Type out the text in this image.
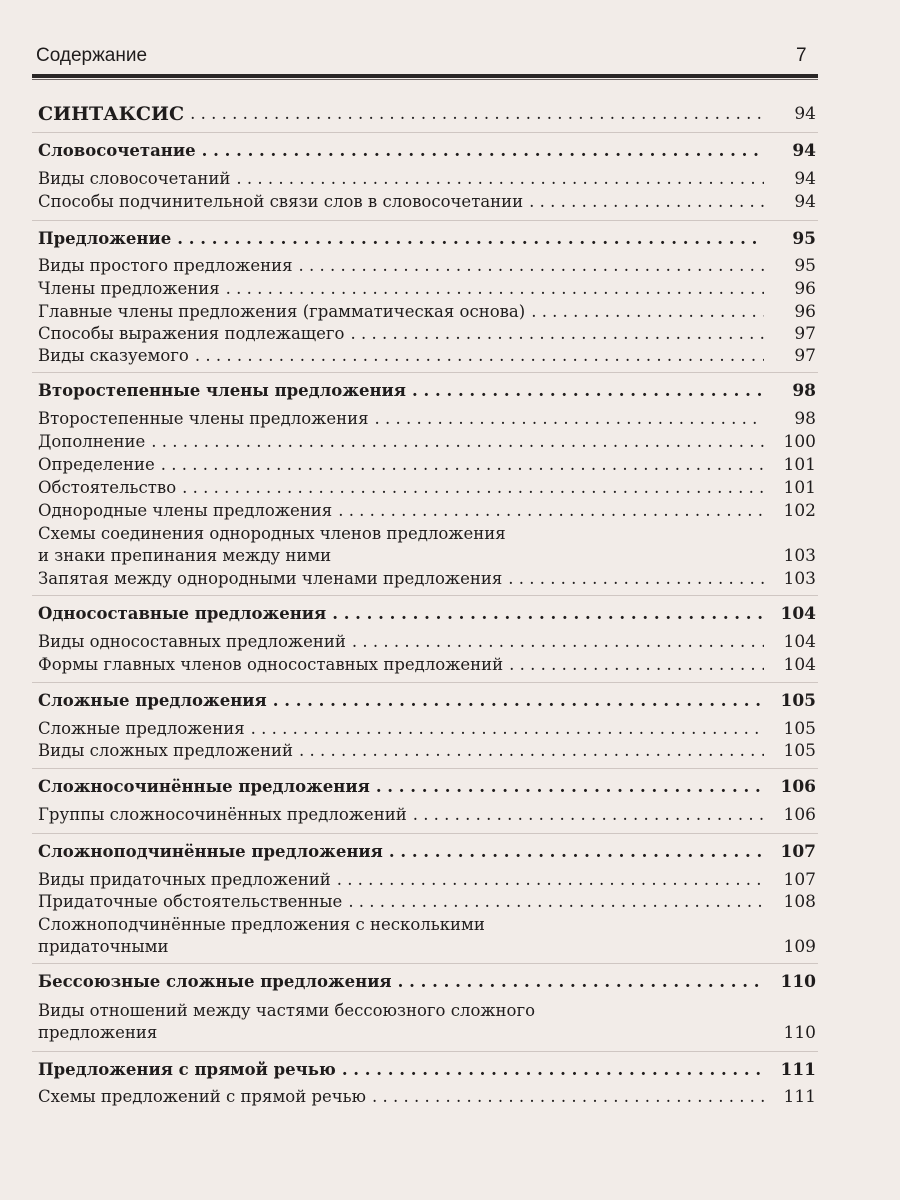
Содержание	7
СИНТАКСИС . . .	94
Словосочетание . . .	94
Виды словосочетаний . . .	94
Способы подчинительной связи слов в словосочетании . . .	94
Предложение . . .	95
Виды простого предложения . . .	95
Члены предложения . . .	96
Главные члены предложения (грамматическая основа) . . .	96
Способы выражения подлежащего . . .	97
Виды сказуемого . . .	97
Второстепенные члены предложения . . .	98
Второстепенные члены предложения . . .	98
Дополнение . . .	100
Определение . . .	101
Обстоятельство . . .	101
Однородные члены предложения . . .	102
Схемы соединения однородных членов предложения
и знаки препинания между ними	103
Запятая между однородными членами предложения . . .	103
Односоставные предложения . . .	104
Виды односоставных предложений . . .	104
Формы главных членов односоставных предложений . . .	104
Сложные предложения . . .	105
Сложные предложения . . .	105
Виды сложных предложений . . .	105
Сложносочинённые предложения . . .	106
Группы сложносочинённых предложений . . .	106
Сложноподчинённые предложения . . .	107
Виды придаточных предложений . . .	107
Придаточные обстоятельственные . . .	108
Сложноподчинённые предложения с несколькими
придаточными	109
Бессоюзные сложные предложения . . .	110
Виды отношений между частями бессоюзного сложного
предложения	110
Предложения с прямой речью . . .	111
Схемы предложений с прямой речью . . .	111
